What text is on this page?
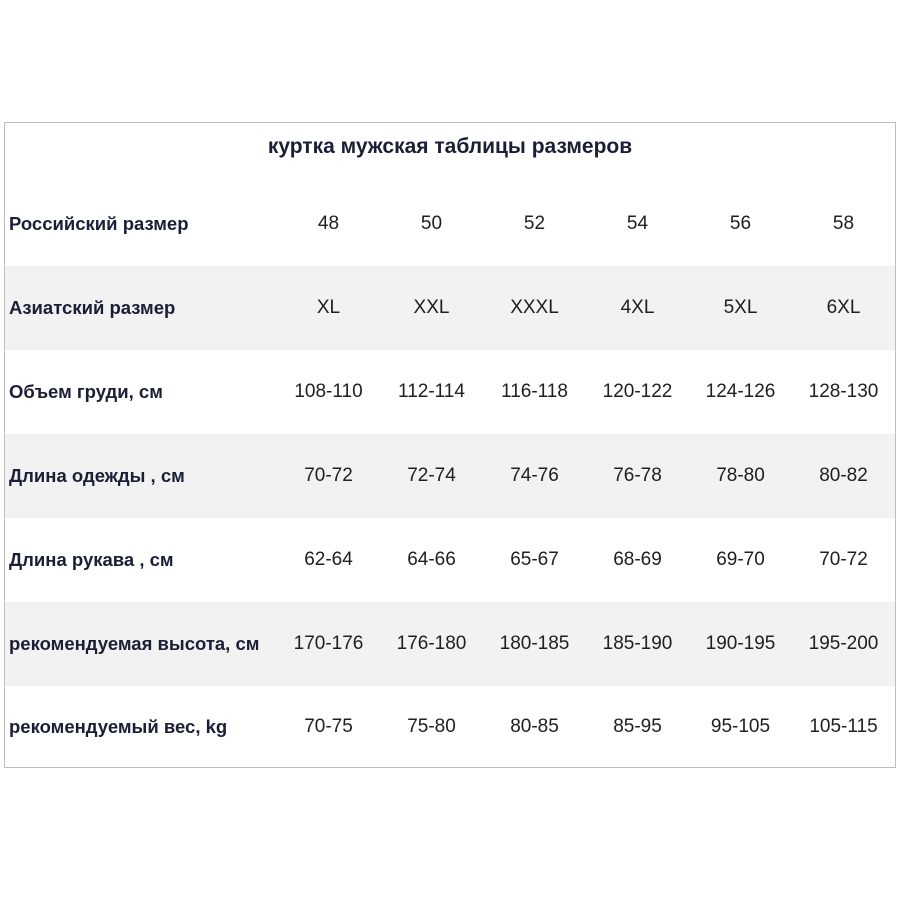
куртка мужская таблицы размеров
Российский размер	48	50	52	54	56	58
Азиатский размер	XL	XXL	XXXL	4XL	5XL	6XL
Объем груди, см	108-110	112-114	116-118	120-122	124-126	128-130
Длина одежды , см	70-72	72-74	74-76	76-78	78-80	80-82
Длина рукава , см	62-64	64-66	65-67	68-69	69-70	70-72
рекомендуемая высота, см	170-176	176-180	180-185	185-190	190-195	195-200
рекомендуемый вес, kg	70-75	75-80	80-85	85-95	95-105	105-115
